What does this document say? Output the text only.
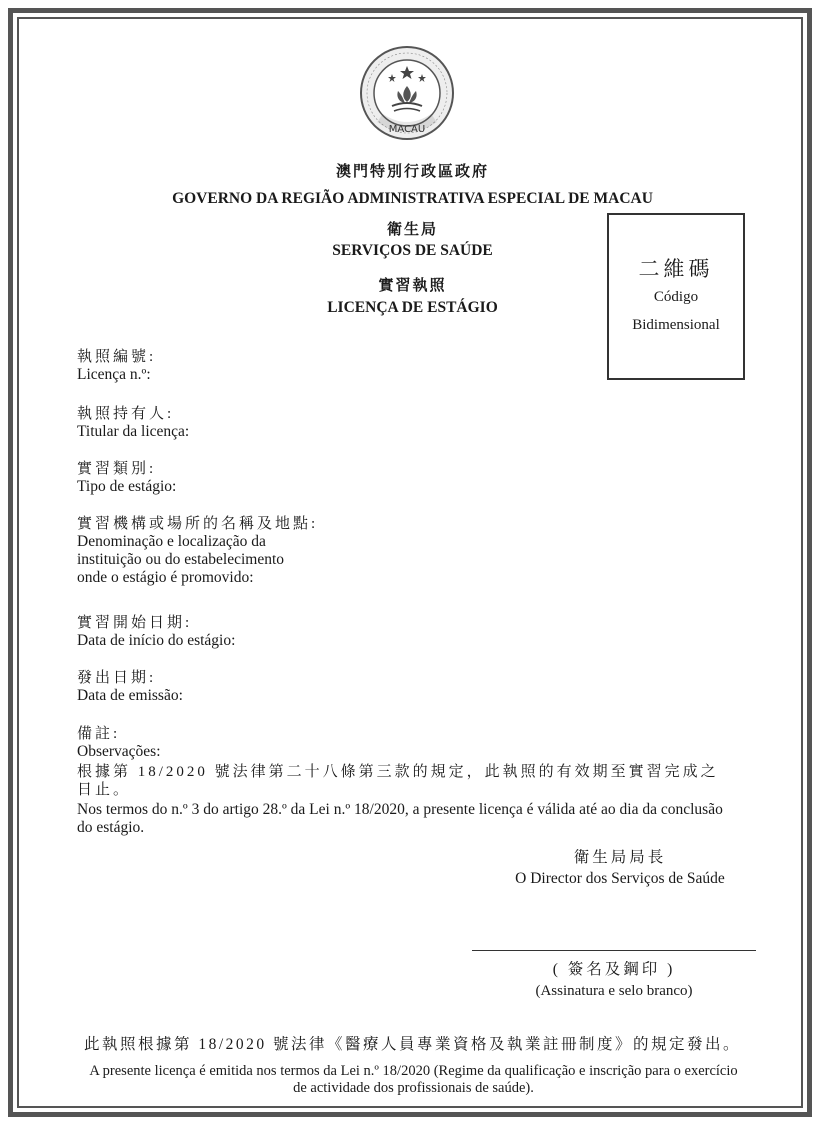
MACAU
澳門特別行政區政府
GOVERNO DA REGIÃO ADMINISTRATIVA ESPECIAL DE MACAU
衛生局
SERVIÇOS DE SAÚDE
實習執照
LICENÇA DE ESTÁGIO
二維碼
Código
Bidimensional
執照編號:
Licença n.º:
執照持有人:
Titular da licença:
實習類別:
Tipo de estágio:
實習機構或場所的名稱及地點:
Denominação e localização da
instituição ou do estabelecimento
onde o estágio é promovido:
實習開始日期:
Data de início do estágio:
發出日期:
Data de emissão:
備註:
Observações:
根據第 18/2020 號法律第二十八條第三款的規定，此執照的有效期至實習完成之
日止。
Nos termos do n.º 3 do artigo 28.º da Lei n.º 18/2020, a presente licença é válida até ao dia da conclusão
do estágio.
衛生局局長
O Director dos Serviços de Saúde
( 簽名及鋼印 )
(Assinatura e selo branco)
此執照根據第 18/2020 號法律《醫療人員專業資格及執業註冊制度》的規定發出。
A presente licença é emitida nos termos da Lei n.º 18/2020 (Regime da qualificação e inscrição para o exercício
de actividade dos profissionais de saúde).
